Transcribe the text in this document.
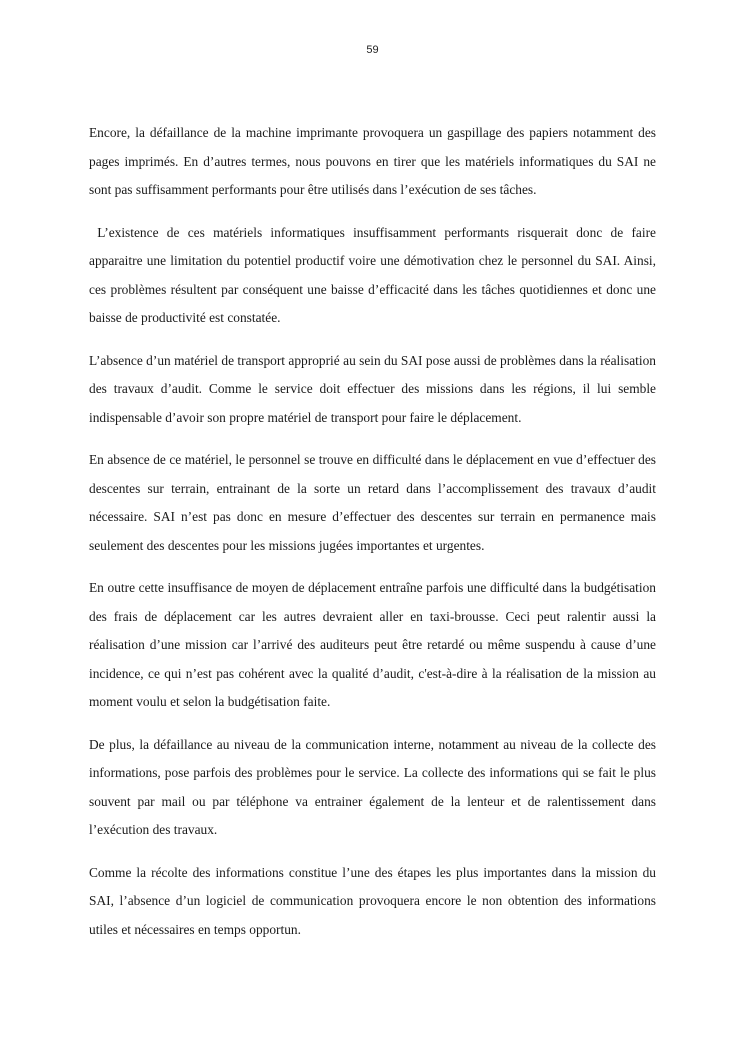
59

Encore, la défaillance de la machine imprimante provoquera un gaspillage des papiers notamment des pages imprimés. En d’autres termes, nous pouvons en tirer que les matériels informatiques du SAI ne sont pas suffisamment performants pour être utilisés dans l’exécution de ses tâches.

L’existence de ces matériels informatiques insuffisamment performants risquerait donc de faire apparaitre une limitation du potentiel productif voire une démotivation chez le personnel du SAI. Ainsi,  ces problèmes résultent par conséquent une baisse d’efficacité dans les tâches quotidiennes et donc une baisse de productivité est constatée.

L’absence d’un matériel de transport approprié au sein du SAI pose aussi de problèmes dans la réalisation des travaux d’audit. Comme le service doit effectuer des missions dans les régions, il lui semble indispensable d’avoir son propre matériel de transport pour faire le déplacement.

En absence de ce matériel, le personnel se trouve en difficulté dans le déplacement en vue d’effectuer des descentes sur terrain, entrainant de la sorte un retard dans l’accomplissement des travaux d’audit nécessaire. SAI n’est pas donc en mesure d’effectuer des descentes sur terrain en permanence mais seulement des descentes pour les missions jugées importantes et urgentes.

En outre cette insuffisance de moyen de déplacement entraîne parfois une difficulté dans la budgétisation des frais de déplacement car les autres devraient aller en taxi-brousse. Ceci peut ralentir aussi la réalisation d’une mission car l’arrivé des auditeurs peut être retardé ou même suspendu à cause d’une incidence, ce qui n’est pas cohérent avec la qualité d’audit, c'est-à-dire à la réalisation de la mission au moment voulu et selon la budgétisation faite.

De plus, la défaillance au niveau de la communication interne, notamment au niveau de la collecte des informations, pose parfois des problèmes pour le service. La collecte des informations qui se fait le plus souvent par mail ou par téléphone va entrainer également de la lenteur et de ralentissement dans l’exécution des travaux.

Comme la récolte des informations constitue l’une des étapes les plus importantes dans la mission du SAI, l’absence d’un logiciel de communication provoquera encore le non obtention des informations utiles et nécessaires en temps opportun.
